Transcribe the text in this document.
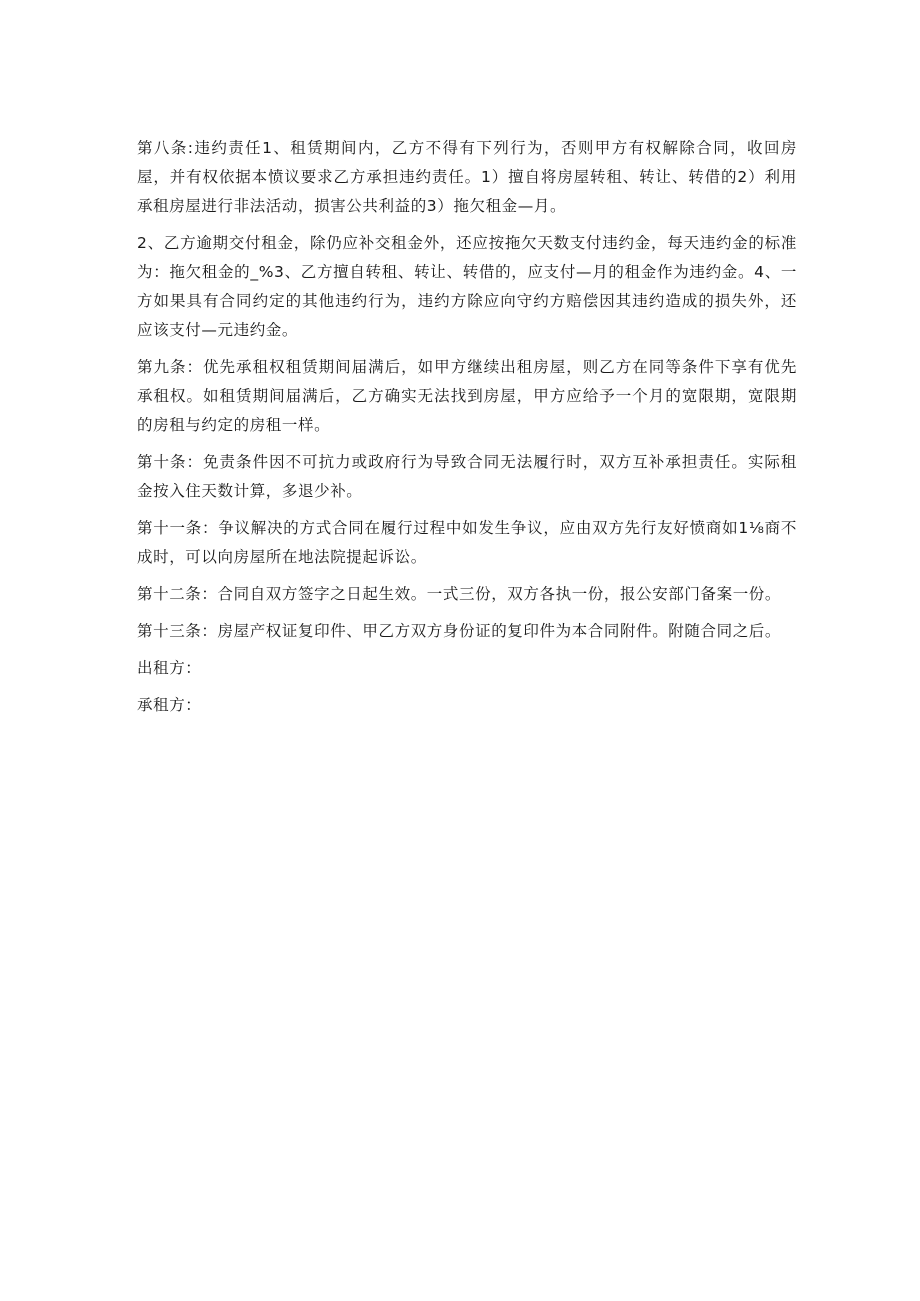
第八条:违约责任1、租赁期间内，乙方不得有下列行为，否则甲方有权解除合同，收回房屋，并有权依据本愤议要求乙方承担违约责任。1）擅自将房屋转租、转让、转借的2）利用承租房屋进行非法活动，损害公共利益的3）拖欠租金—月。

2、乙方逾期交付租金，除仍应补交租金外，还应按拖欠天数支付违约金，每天违约金的标准为：拖欠租金的_%3、乙方擅自转租、转让、转借的，应支付—月的租金作为违约金。4、一方如果具有合同约定的其他违约行为，违约方除应向守约方赔偿因其违约造成的损失外，还应该支付—元违约金。

第九条：优先承租权租赁期间届满后，如甲方继续出租房屋，则乙方在同等条件下享有优先承租权。如租赁期间届满后，乙方确实无法找到房屋，甲方应给予一个月的宽限期，宽限期的房租与约定的房租一样。

第十条：免责条件因不可抗力或政府行为导致合同无法履行时，双方互补承担责任。实际租金按入住天数计算，多退少补。

第十一条：争议解决的方式合同在履行过程中如发生争议，应由双方先行友好愤商如1⅛商不成时，可以向房屋所在地法院提起诉讼。

第十二条：合同自双方签字之日起生效。一式三份，双方各执一份，报公安部门备案一份。

第十三条：房屋产权证复印件、甲乙方双方身份证的复印件为本合同附件。附随合同之后。

出租方：

承租方：
